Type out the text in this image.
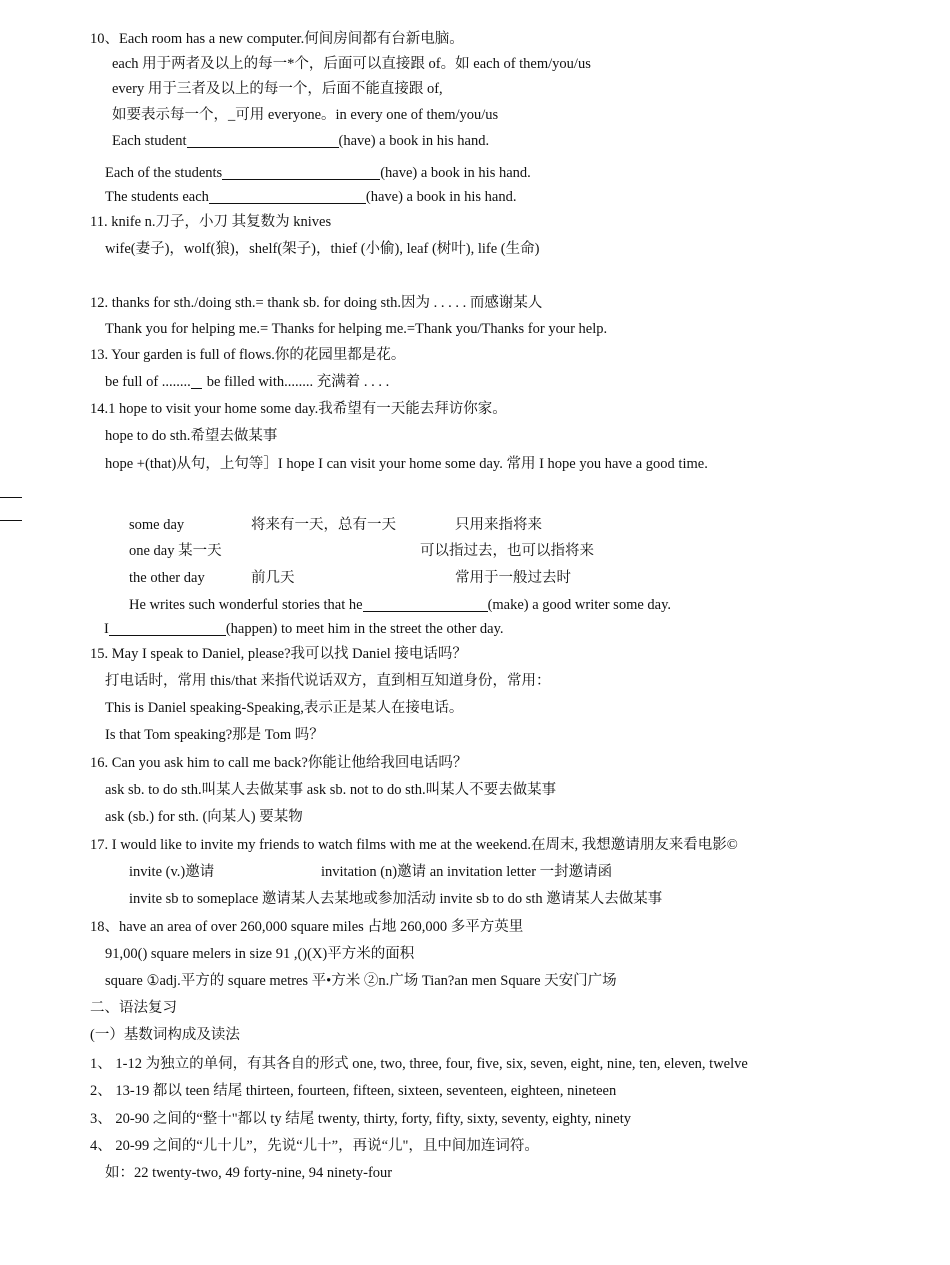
10、Each room has a new computer.何间房间都有台新电脑。
each 用于两者及以上的每一*个，后面可以直接跟 of。如 each of them/you/us
every 用于三者及以上的每一个，后面不能直接跟 of,
如要表示每一个，_可用 everyone。in every one of them/you/us
Each student	(have) a book in his hand.
Each of the students	(have) a book in his hand.
The students each	(have) a book in his hand.
11. knife n.刀子，小刀 其复数为 knives
wife(妻子)，wolf(狼)，shelf(架子)，thief (小偷), leaf (树叶), life (生命)
12. thanks for sth./doing sth.= thank sb. for doing sth.因为 . . . . . 而感谢某人
Thank you for helping me.= Thanks for helping me.=Thank you/Thanks for your help.
13. Your garden is full of flows.你的花园里都是花。
be full of ........ be filled with........ 充满着 . . . .
14.1 hope to visit your home some day.我希望有一天能去拜访你家。
hope to do sth.希望去做某事
hope +(that)从句，上句等］I hope I can visit your home some day. 常用 I hope you have a good time.
some day	将来有一天，总有一天	只用来指将来
one day 某一天	可以指过去，也可以指将来
the other day	前几天	常用于一般过去时
He writes such wonderful stories that he	(make) a good writer some day.
I	(happen) to meet him in the street the other day.
15. May I speak to Daniel, please?我可以找 Daniel 接电话吗？
打电话时，常用 this/that 来指代说话双方，直到相互知道身份，常用：
This is Daniel speaking-Speaking,表示正是某人在接电话。
Is that Tom speaking?那是 Tom 吗？
16. Can you ask him to call me back?你能让他给我回电话吗？
ask sb. to do sth.叫某人去做某事 ask sb. not to do sth.叫某人不要去做某事
ask (sb.) for sth. (向某人) 要某物
17. I would like to invite my friends to watch films with me at the weekend.在周末, 我想邀请朋友来看电影©
invite (v.)邀请	invitation (n)邀请 an invitation letter 一封邀请函
invite sb to someplace 邀请某人去某地或参加活动 invite sb to do sth 邀请某人去做某事
18、have an area of over 260,000 square miles 占地 260,000 多平方英里
91,00() square melers in size 91 ,()(X)平方米的面积
square ①adj.平方的 square metres 平•方米 ②n.广场 Tian?an men Square 天安门广场
二、语法复习
(一）基数词构成及读法
1、 1-12 为独立的单伺，有其各自的形式 one, two, three, four, five, six, seven, eight, nine, ten, eleven, twelve
2、 13-19 都以 teen 结尾 thirteen, fourteen, fifteen, sixteen, seventeen, eighteen, nineteen
3、 20-90 之间的“整十"都以 ty 结尾 twenty, thirty, forty, fifty, sixty, seventy, eighty, ninety
4、 20-99 之间的“儿十儿”，先说“儿十”，再说“儿"，且中间加连词符。
如：22 twenty-two, 49 forty-nine, 94 ninety-four
